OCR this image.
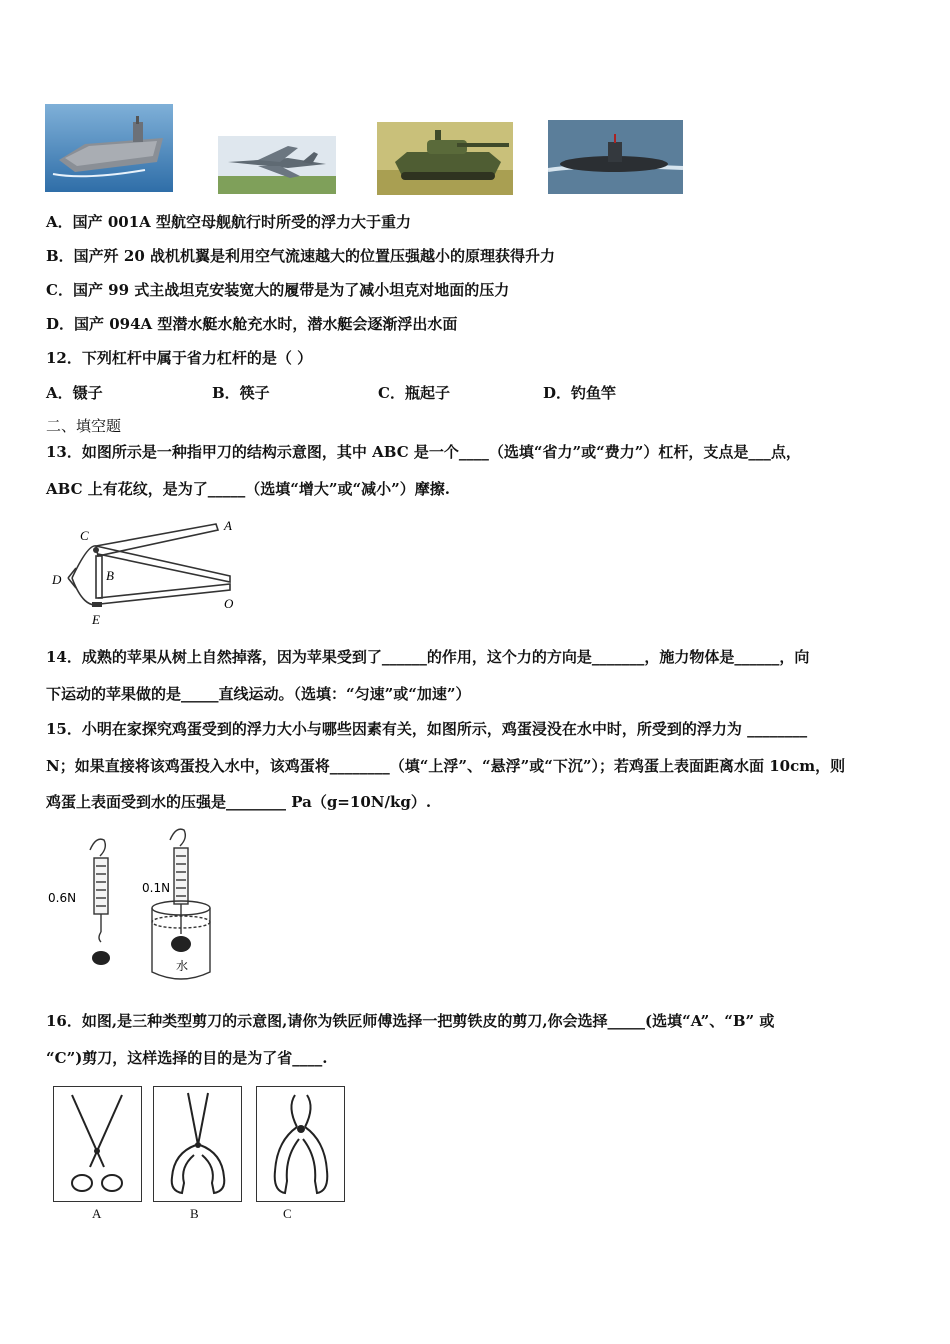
A．国产 001A 型航空母舰航行时所受的浮力大于重力
B．国产歼 20 战机机翼是利用空气流速越大的位置压强越小的原理获得升力
C．国产 99 式主战坦克安装宽大的履带是为了减小坦克对地面的压力
D．国产 094A 型潜水艇水舱充水时，潜水艇会逐渐浮出水面
12．下列杠杆中属于省力杠杆的是（ ）
A．镊子	B．筷子	C．瓶起子	D．钓鱼竿
二、填空题
13．如图所示是一种指甲刀的结构示意图，其中 ABC 是一个____（选填“省力”或“费力”）杠杆，支点是___点，
ABC 上有花纹，是为了_____（选填“增大”或“减小”）摩擦.
C
A
B
D
E
O
14．成熟的苹果从树上自然掉落，因为苹果受到了______的作用，这个力的方向是_______，施力物体是______，向
下运动的苹果做的是_____直线运动。（选填：“匀速”或“加速”）
15．小明在家探究鸡蛋受到的浮力大小与哪些因素有关，如图所示，鸡蛋浸没在水中时，所受到的浮力为 ________
N；如果直接将该鸡蛋投入水中，该鸡蛋将________（填“上浮”、“悬浮”或“下沉”）；若鸡蛋上表面距离水面 10cm，则
鸡蛋上表面受到水的压强是________ Pa（g=10N/kg）.
0.6N
0.1N
水
16．如图,是三种类型剪刀的示意图,请你为铁匠师傅选择一把剪铁皮的剪刀,你会选择_____(选填“A”、“B” 或
“C”)剪刀，这样选择的目的是为了省____.
A	B	C
